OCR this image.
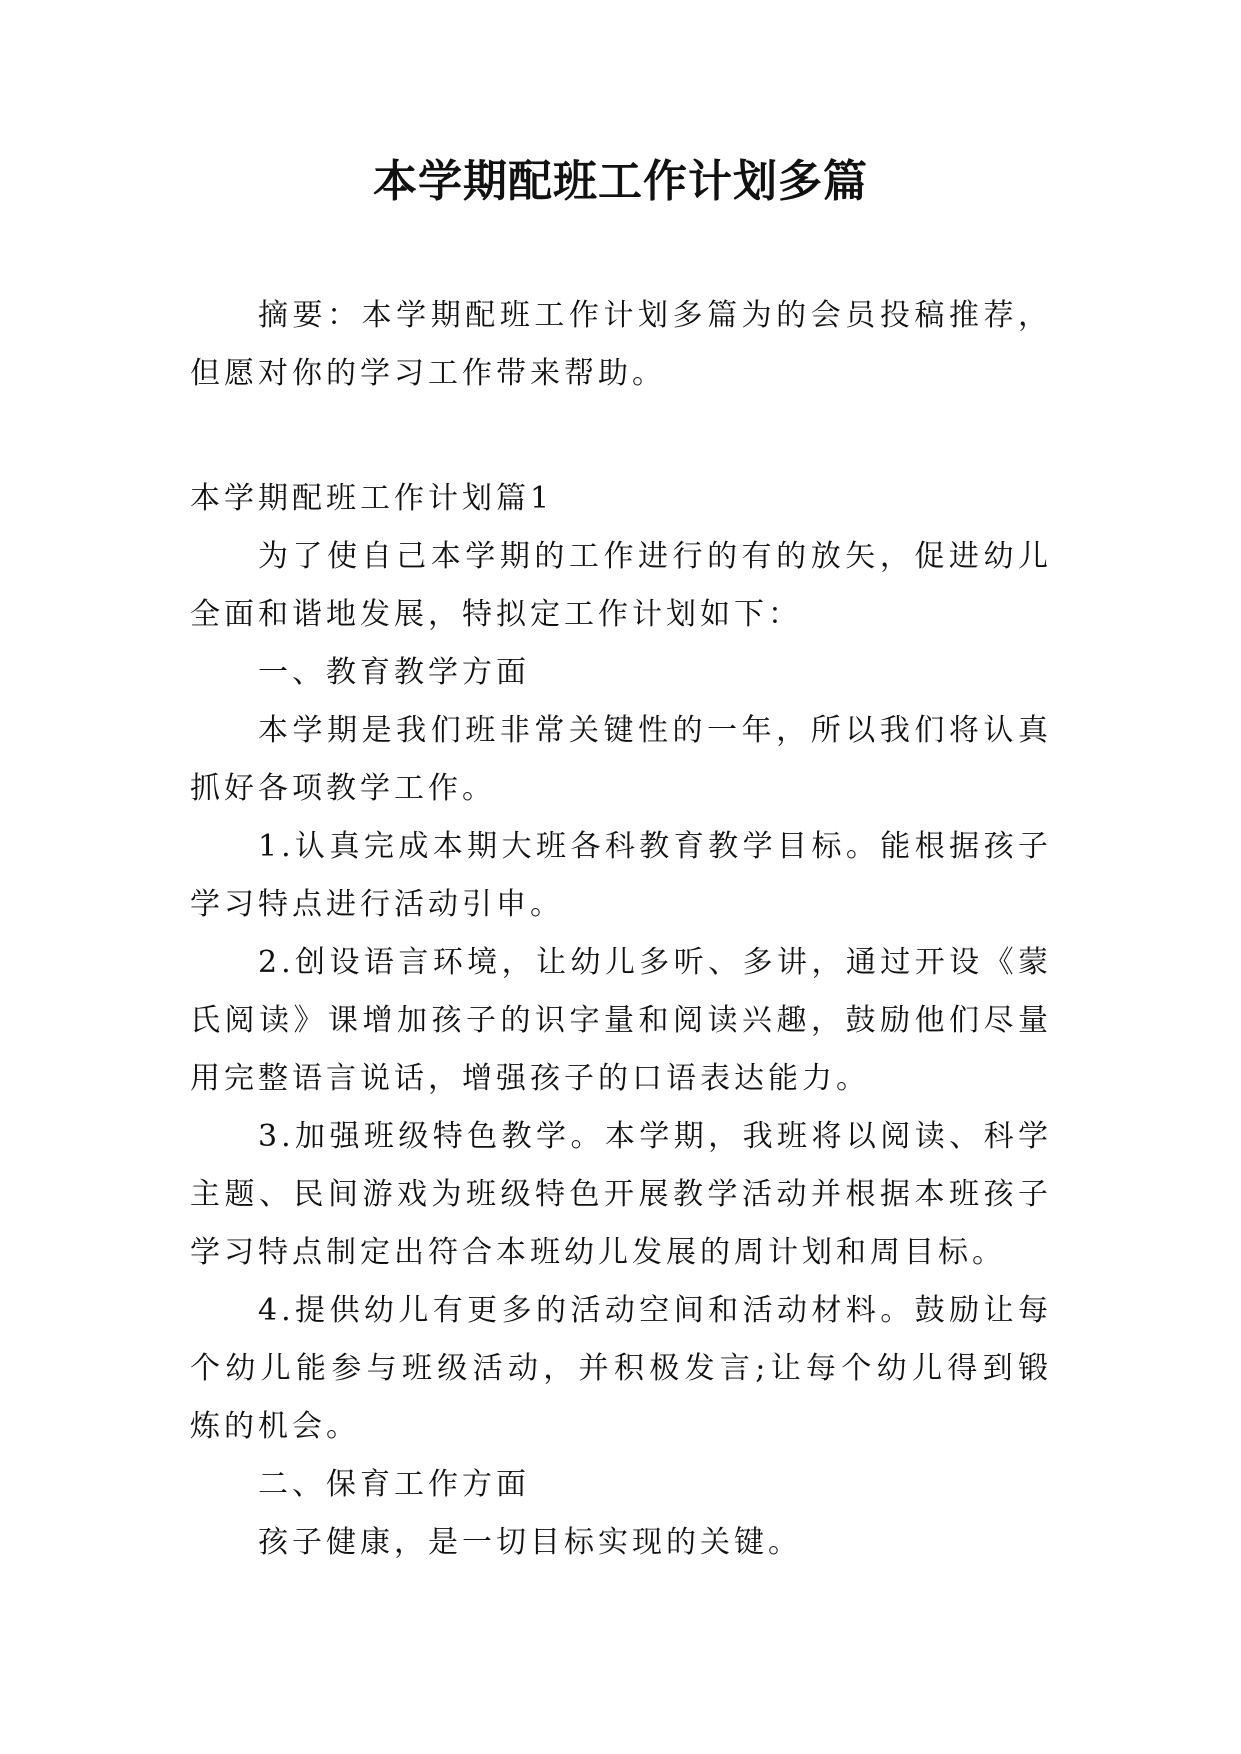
本学期配班工作计划多篇
摘要：本学期配班工作计划多篇为的会员投稿推荐，但愿对你的学习工作带来帮助。

本学期配班工作计划篇1

为了使自己本学期的工作进行的有的放矢，促进幼儿全面和谐地发展，特拟定工作计划如下：

一、教育教学方面

本学期是我们班非常关键性的一年，所以我们将认真抓好各项教学工作。

1.认真完成本期大班各科教育教学目标。能根据孩子学习特点进行活动引申。

2.创设语言环境，让幼儿多听、多讲，通过开设《蒙氏阅读》课增加孩子的识字量和阅读兴趣，鼓励他们尽量用完整语言说话，增强孩子的口语表达能力。

3.加强班级特色教学。本学期，我班将以阅读、科学主题、民间游戏为班级特色开展教学活动并根据本班孩子学习特点制定出符合本班幼儿发展的周计划和周目标。

4.提供幼儿有更多的活动空间和活动材料。鼓励让每个幼儿能参与班级活动，并积极发言;让每个幼儿得到锻炼的机会。

二、保育工作方面

孩子健康，是一切目标实现的关键。
